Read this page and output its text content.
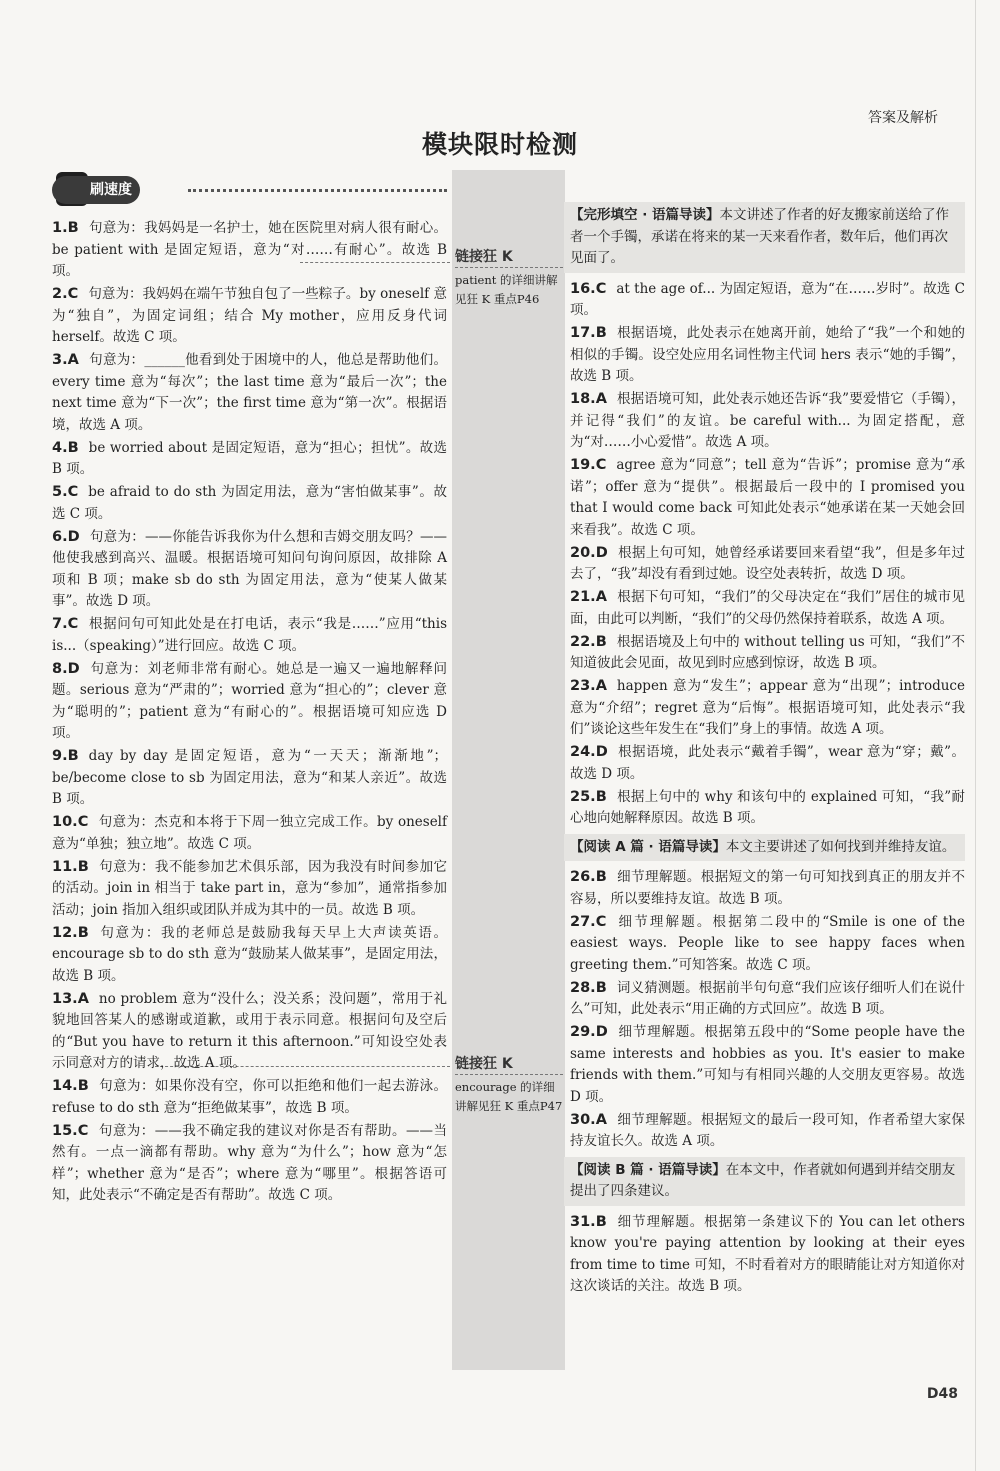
答案及解析
模块限时检测
刷速度
链接狂 K
patient 的详细讲解见狂 K 重点P46
链接狂 K
encourage 的详细讲解见狂 K 重点P47
1.B 句意为：我妈妈是一名护士，她在医院里对病人很有耐心。be patient with 是固定短语，意为“对……有耐心”。故选 B 项。
2.C 句意为：我妈妈在端午节独自包了一些粽子。by oneself 意为“独自”，为固定词组；结合 My mother，应用反身代词 herself。故选 C 项。
3.A 句意为：______他看到处于困境中的人，他总是帮助他们。every time 意为“每次”；the last time 意为“最后一次”；the next time 意为“下一次”；the first time 意为“第一次”。根据语境，故选 A 项。
4.B be worried about 是固定短语，意为“担心；担忧”。故选 B 项。
5.C be afraid to do sth 为固定用法，意为“害怕做某事”。故选 C 项。
6.D 句意为：——你能告诉我你为什么想和吉姆交朋友吗？——他使我感到高兴、温暖。根据语境可知问句询问原因，故排除 A 项和 B 项；make sb do sth 为固定用法，意为“使某人做某事”。故选 D 项。
7.C 根据问句可知此处是在打电话，表示“我是……”应用“this is...（speaking）”进行回应。故选 C 项。
8.D 句意为：刘老师非常有耐心。她总是一遍又一遍地解释问题。serious 意为“严肃的”；worried 意为“担心的”；clever 意为“聪明的”；patient 意为“有耐心的”。根据语境可知应选 D 项。
9.B day by day 是固定短语，意为“一天天；渐渐地”；be/become close to sb 为固定用法，意为“和某人亲近”。故选 B 项。
10.C 句意为：杰克和本将于下周一独立完成工作。by oneself 意为“单独；独立地”。故选 C 项。
11.B 句意为：我不能参加艺术俱乐部，因为我没有时间参加它的活动。join in 相当于 take part in，意为“参加”，通常指参加活动；join 指加入组织或团队并成为其中的一员。故选 B 项。
12.B 句意为：我的老师总是鼓励我每天早上大声读英语。encourage sb to do sth 意为“鼓励某人做某事”，是固定用法，故选 B 项。
13.A no problem 意为“没什么；没关系；没问题”，常用于礼貌地回答某人的感谢或道歉，或用于表示同意。根据问句及空后的“But you have to return it this afternoon.”可知设空处表示同意对方的请求，故选 A 项。
14.B 句意为：如果你没有空，你可以拒绝和他们一起去游泳。refuse to do sth 意为“拒绝做某事”，故选 B 项。
15.C 句意为：——我不确定我的建议对你是否有帮助。——当然有。一点一滴都有帮助。why 意为“为什么”；how 意为“怎样”；whether 意为“是否”；where 意为“哪里”。根据答语可知，此处表示“不确定是否有帮助”。故选 C 项。
【完形填空 · 语篇导读】本文讲述了作者的好友搬家前送给了作者一个手镯，承诺在将来的某一天来看作者，数年后，他们再次见面了。
16.C at the age of... 为固定短语，意为“在……岁时”。故选 C 项。
17.B 根据语境，此处表示在她离开前，她给了“我”一个和她的相似的手镯。设空处应用名词性物主代词 hers 表示“她的手镯”，故选 B 项。
18.A 根据语境可知，此处表示她还告诉“我”要爱惜它（手镯），并记得“我们”的友谊。be careful with... 为固定搭配，意为“对……小心爱惜”。故选 A 项。
19.C agree 意为“同意”；tell 意为“告诉”；promise 意为“承诺”；offer 意为“提供”。根据最后一段中的 I promised you that I would come back 可知此处表示“她承诺在某一天她会回来看我”。故选 C 项。
20.D 根据上句可知，她曾经承诺要回来看望“我”，但是多年过去了，“我”却没有看到过她。设空处表转折，故选 D 项。
21.A 根据下句可知，“我们”的父母决定在“我们”居住的城市见面，由此可以判断，“我们”的父母仍然保持着联系，故选 A 项。
22.B 根据语境及上句中的 without telling us 可知，“我们”不知道彼此会见面，故见到时应感到惊讶，故选 B 项。
23.A happen 意为“发生”；appear 意为“出现”；introduce 意为“介绍”；regret 意为“后悔”。根据语境可知，此处表示“我们”谈论这些年发生在“我们”身上的事情。故选 A 项。
24.D 根据语境，此处表示“戴着手镯”，wear 意为“穿；戴”。故选 D 项。
25.B 根据上句中的 why 和该句中的 explained 可知，“我”耐心地向她解释原因。故选 B 项。
【阅读 A 篇 · 语篇导读】本文主要讲述了如何找到并维持友谊。
26.B 细节理解题。根据短文的第一句可知找到真正的朋友并不容易，所以要维持友谊。故选 B 项。
27.C 细节理解题。根据第二段中的“Smile is one of the easiest ways. People like to see happy faces when greeting them.”可知答案。故选 C 项。
28.B 词义猜测题。根据前半句句意“我们应该仔细听人们在说什么”可知，此处表示“用正确的方式回应”。故选 B 项。
29.D 细节理解题。根据第五段中的“Some people have the same interests and hobbies as you. It's easier to make friends with them.”可知与有相同兴趣的人交朋友更容易。故选 D 项。
30.A 细节理解题。根据短文的最后一段可知，作者希望大家保持友谊长久。故选 A 项。
【阅读 B 篇 · 语篇导读】在本文中，作者就如何遇到并结交朋友提出了四条建议。
31.B 细节理解题。根据第一条建议下的 You can let others know you're paying attention by looking at their eyes from time to time 可知，不时看着对方的眼睛能让对方知道你对这次谈话的关注。故选 B 项。
D48
